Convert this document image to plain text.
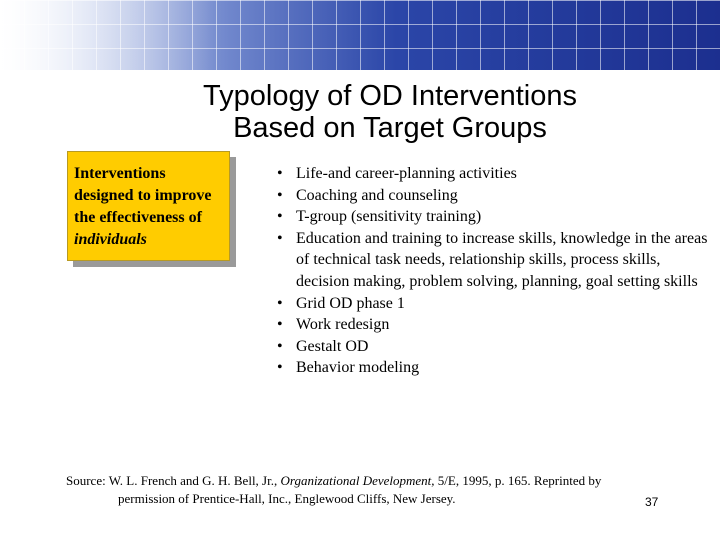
Typology of OD Interventions
Based on Target Groups
Interventions
designed to improve
the effectiveness of
individuals
• Life-and career-planning activities
• Coaching and counseling
• T-group (sensitivity training)
• Education and training to increase skills, knowledge in the areas of technical task needs, relationship skills, process skills, decision making, problem solving, planning, goal setting skills
• Grid OD phase 1
• Work redesign
• Gestalt OD
• Behavior modeling
Source: W. L. French and G. H. Bell, Jr., Organizational Development, 5/E, 1995, p. 165. Reprinted by
permission of Prentice-Hall, Inc., Englewood Cliffs, New Jersey.	37
